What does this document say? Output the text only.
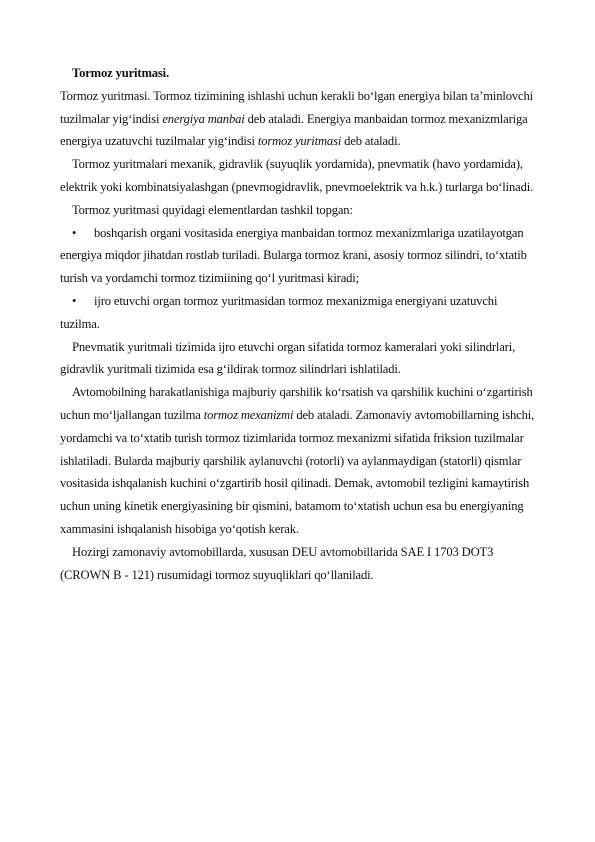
Tormoz yuritmasi.

Tormoz yuritmasi. Tormoz tizimining ishlashi uchun kerakli bo‘lgan energiya bilan ta’minlovchi tuzilmalar yig‘indisi energiya manbai deb ataladi. Energiya manbaidan tormoz mexanizmlariga energiya uzatuvchi tuzilmalar yig‘indisi tormoz yuritmasi deb ataladi.

Tormoz yuritmalari mexanik, gidravlik (suyuqlik yordamida), pnevmatik (havo yordamida), elektrik yoki kombinatsiyalashgan (pnevmogidravlik, pnevmoelektrik va h.k.) turlarga bo‘linadi.

Tormoz yuritmasi quyidagi elementlardan tashkil topgan:

• boshqarish organi vositasida energiya manbaidan tormoz mexanizmlariga uzatilayotgan energiya miqdor jihatdan rostlab turiladi. Bularga tormoz krani, asosiy tormoz silindri, to‘xtatib turish va yordamchi tormoz tizimiining qo‘l yuritmasi kiradi;

• ijro etuvchi organ tormoz yuritmasidan tormoz mexanizmiga energiyani uzatuvchi tuzilma.

Pnevmatik yuritmali tizimida ijro etuvchi organ sifatida tormoz kameralari yoki silindrlari, gidravlik yuritmali tizimida esa g‘ildirak tormoz silindrlari ishlatiladi.

Avtomobilning harakatlanishiga majburiy qarshilik ko‘rsatish va qarshilik kuchini o‘zgartirish uchun mo‘ljallangan tuzilma tormoz mexanizmi deb ataladi. Zamonaviy avtomobillarning ishchi, yordamchi va to‘xtatib turish tormoz tizimlarida tormoz mexanizmi sifatida friksion tuzilmalar ishlatiladi. Bularda majburiy qarshilik aylanuvchi (rotorli) va aylanmaydigan (statorli) qismlar vositasida ishqalanish kuchini o‘zgartirib hosil qilinadi. Demak, avtomobil tezligini kamaytirish uchun uning kinetik energiyasining bir qismini, batamom to‘xtatish uchun esa bu energiyaning xammasini ishqalanish hisobiga yo‘qotish kerak.

Hozirgi zamonaviy avtomobillarda, xususan DEU avtomobillarida SAE I 1703 DOT3 (CROWN B - 121) rusumidagi tormoz suyuqliklari qo‘llaniladi.
